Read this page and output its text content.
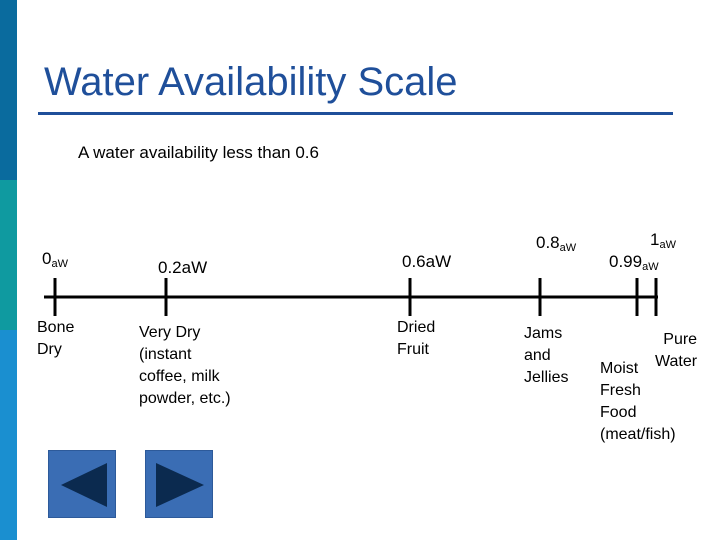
Water Availability Scale
A water availability less than 0.6
0aW	0.2aW	0.6aW
0.8aW
0.99aW
1aW
Bone
Dry
Very Dry
(instant
coffee, milk
powder, etc.)
Dried
Fruit
Jams
and
Jellies
Moist
Fresh
Food
(meat/fish)
Pure
Water
